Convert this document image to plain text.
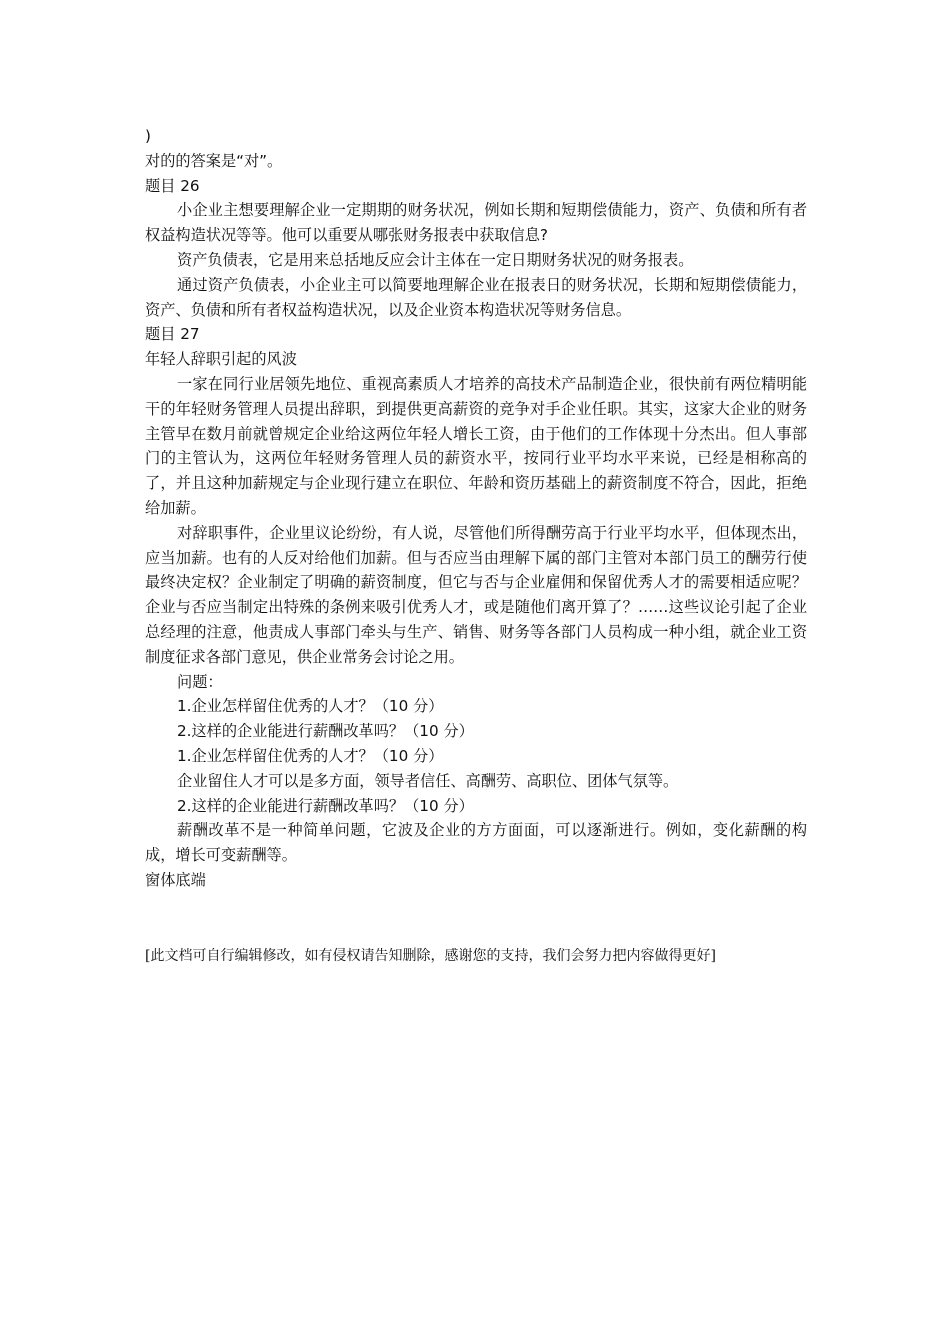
)

对的的答案是“对”。

题目 26

小企业主想要理解企业一定期期的财务状况，例如长期和短期偿债能力，资产、负债和所有者权益构造状况等等。他可以重要从哪张财务报表中获取信息?

资产负债表，它是用来总括地反应会计主体在一定日期财务状况的财务报表。

通过资产负债表，小企业主可以简要地理解企业在报表日的财务状况，长期和短期偿债能力，资产、负债和所有者权益构造状况，以及企业资本构造状况等财务信息。

题目 27

年轻人辞职引起的风波

一家在同行业居领先地位、重视高素质人才培养的高技术产品制造企业，很快前有两位精明能干的年轻财务管理人员提出辞职，到提供更高薪资的竞争对手企业任职。其实，这家大企业的财务主管早在数月前就曾规定企业给这两位年轻人增长工资，由于他们的工作体现十分杰出。但人事部门的主管认为，这两位年轻财务管理人员的薪资水平，按同行业平均水平来说，已经是相称高的了，并且这种加薪规定与企业现行建立在职位、年龄和资历基础上的薪资制度不符合，因此，拒绝给加薪。

对辞职事件，企业里议论纷纷，有人说，尽管他们所得酬劳高于行业平均水平，但体现杰出，应当加薪。也有的人反对给他们加薪。但与否应当由理解下属的部门主管对本部门员工的酬劳行使最终决定权？企业制定了明确的薪资制度，但它与否与企业雇佣和保留优秀人才的需要相适应呢？企业与否应当制定出特殊的条例来吸引优秀人才，或是随他们离开算了？……这些议论引起了企业总经理的注意，他责成人事部门牵头与生产、销售、财务等各部门人员构成一种小组，就企业工资制度征求各部门意见，供企业常务会讨论之用。

问题：

1.企业怎样留住优秀的人才？（10 分）

2.这样的企业能进行薪酬改革吗？（10 分）

1.企业怎样留住优秀的人才？（10 分）

企业留住人才可以是多方面，领导者信任、高酬劳、高职位、团体气氛等。

2.这样的企业能进行薪酬改革吗？（10 分）

薪酬改革不是一种简单问题，它波及企业的方方面面，可以逐渐进行。例如，变化薪酬的构成，增长可变薪酬等。

窗体底端

[此文档可自行编辑修改，如有侵权请告知删除，感谢您的支持，我们会努力把内容做得更好]
